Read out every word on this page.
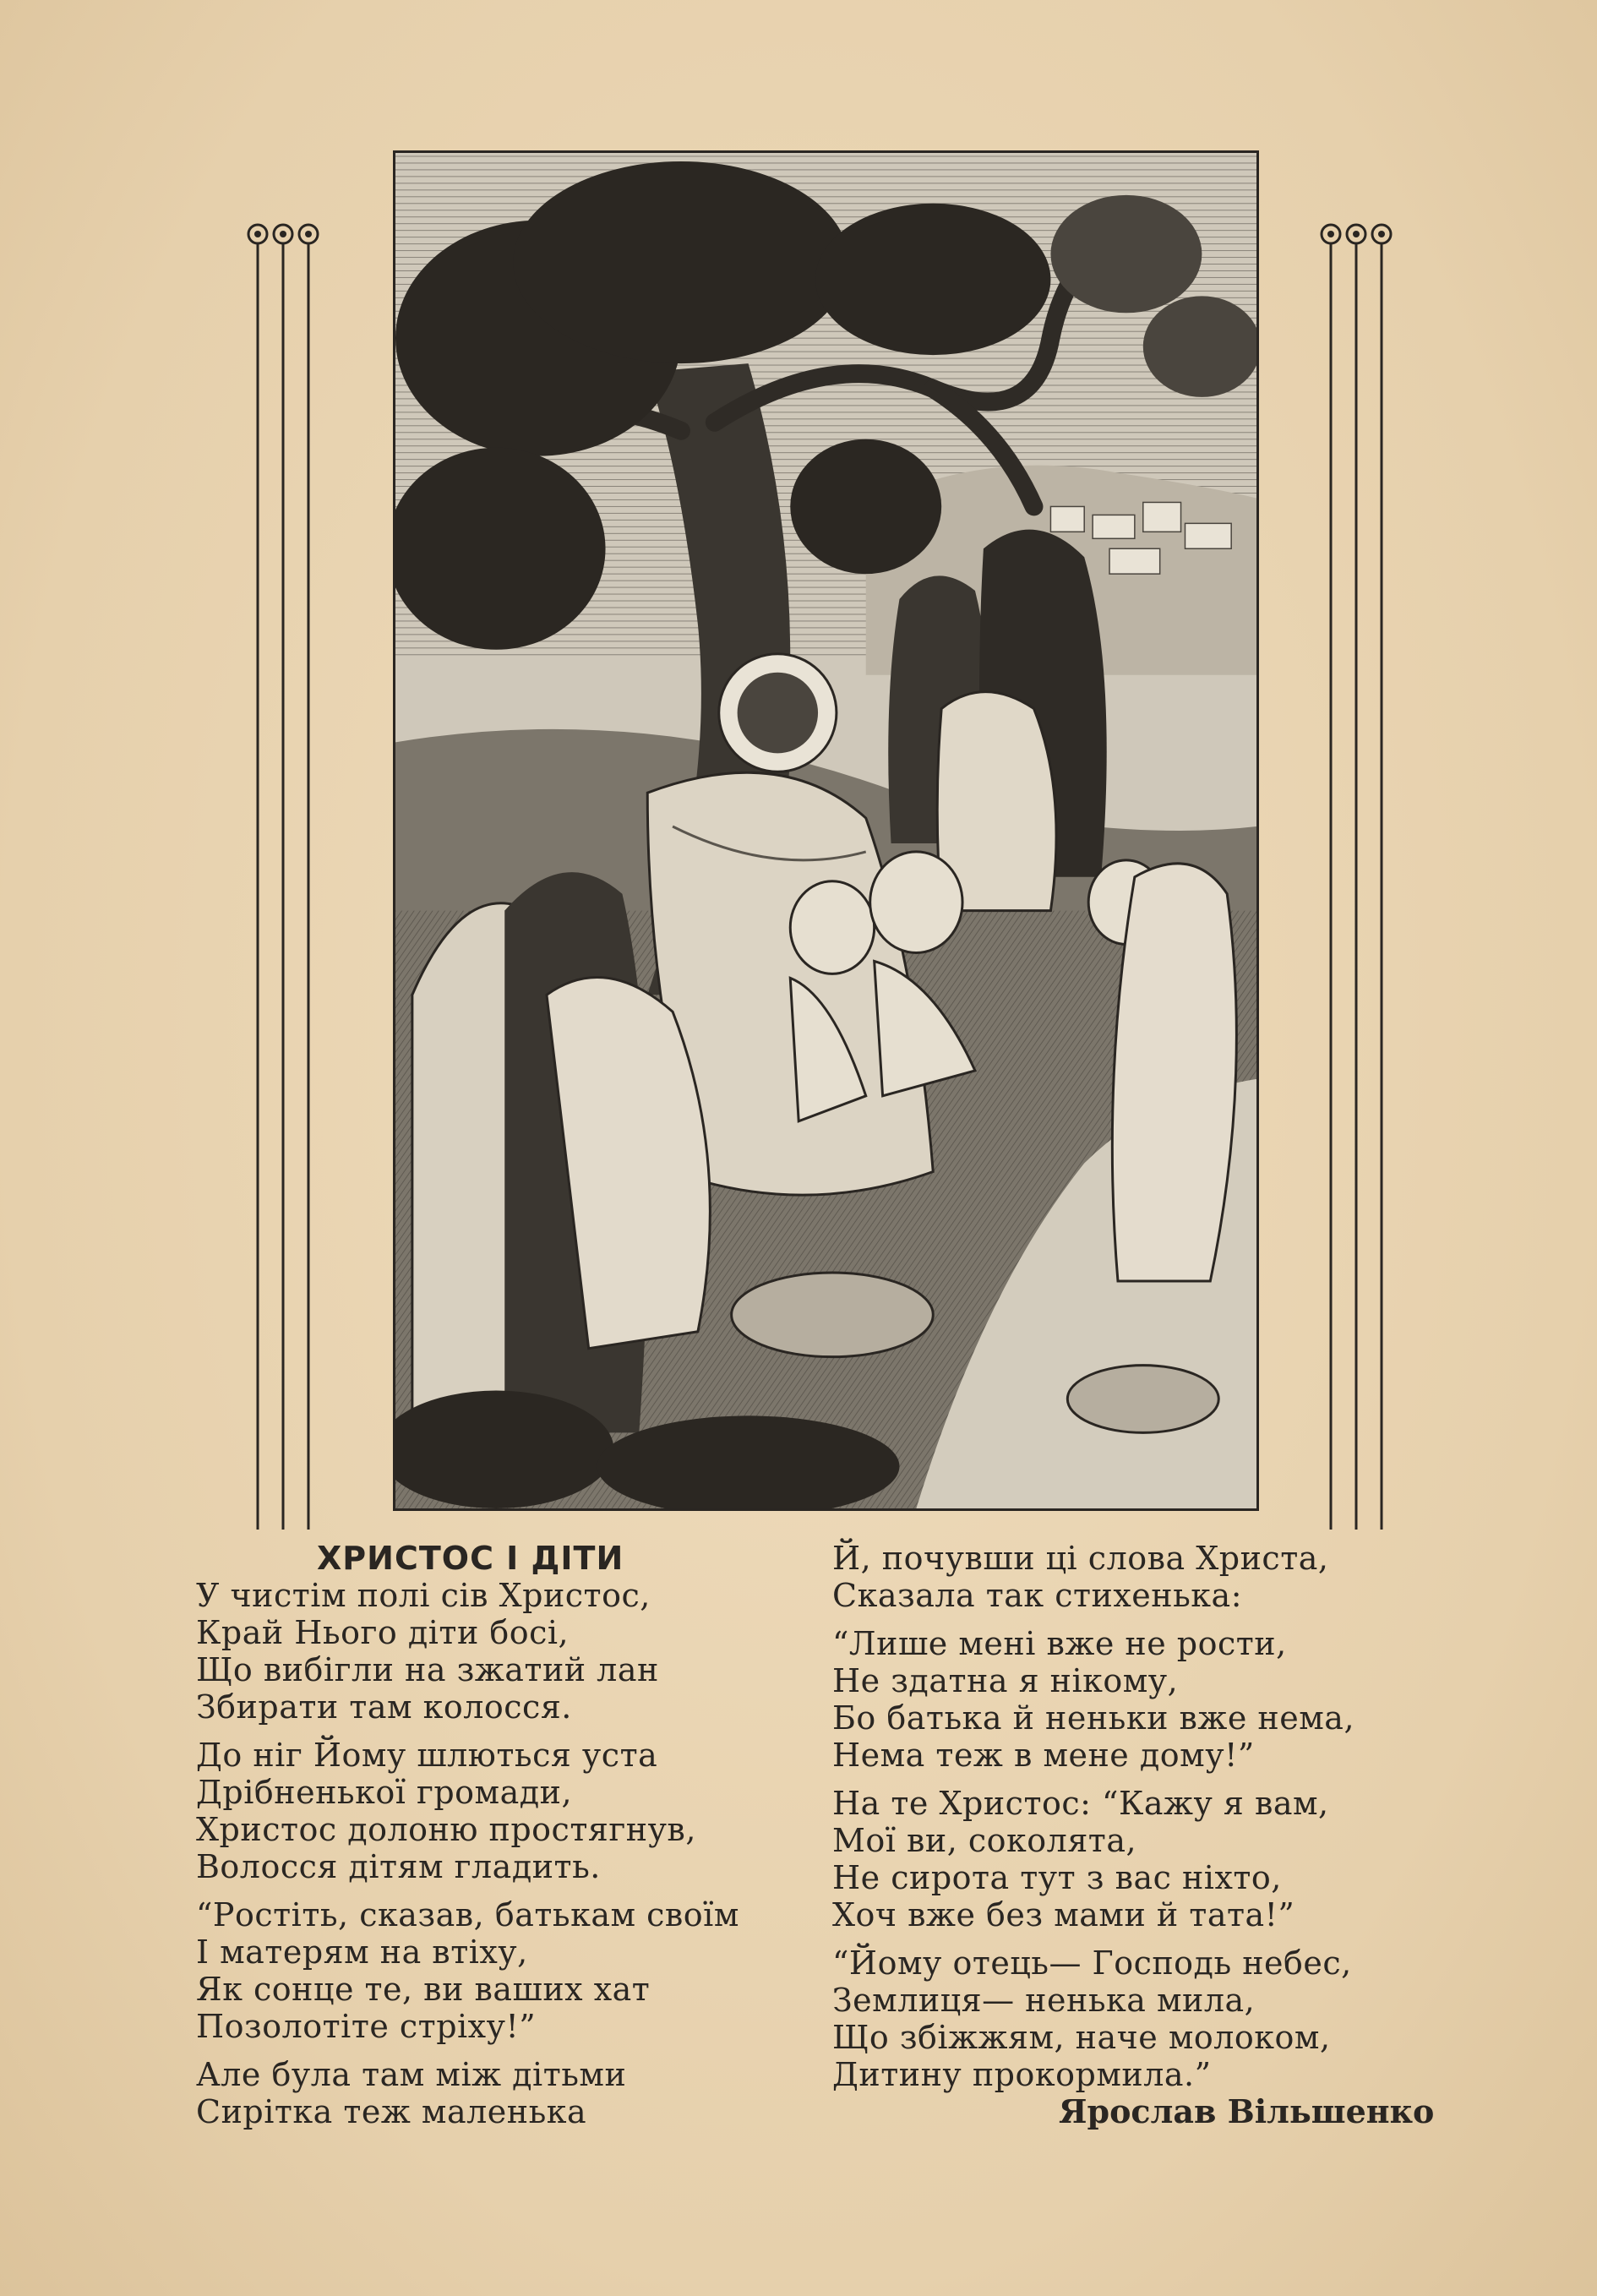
ХРИСТОС І ДІТИ
У чистім полі сів Христос,
Край Нього діти босі,
Що вибігли на зжатий лан
Збирати там колосся.
До ніг Йому шлються уста
Дрібненької громади,
Христос долоню простягнув,
Волосся дітям гладить.
“Ростіть, сказав, батькам своїм
І матерям на втіху,
Як сонце те, ви ваших хат
Позолотіте стріху!”
Але була там між дітьми
Сирітка теж маленька
Й, почувши ці слова Христа,
Сказала так стихенька:
“Лише мені вже не рости,
Не здатна я нікому,
Бо батька й неньки вже нема,
Нема теж в мене дому!”
На те Христос: “Кажу я вам,
Мої ви, соколята,
Не сирота тут з вас ніхто,
Хоч вже без мами й тата!”
“Йому отець— Господь небес,
Землиця— ненька мила,
Що збіжжям, наче молоком,
Дитину прокормила.”
Ярослав Вільшенко
